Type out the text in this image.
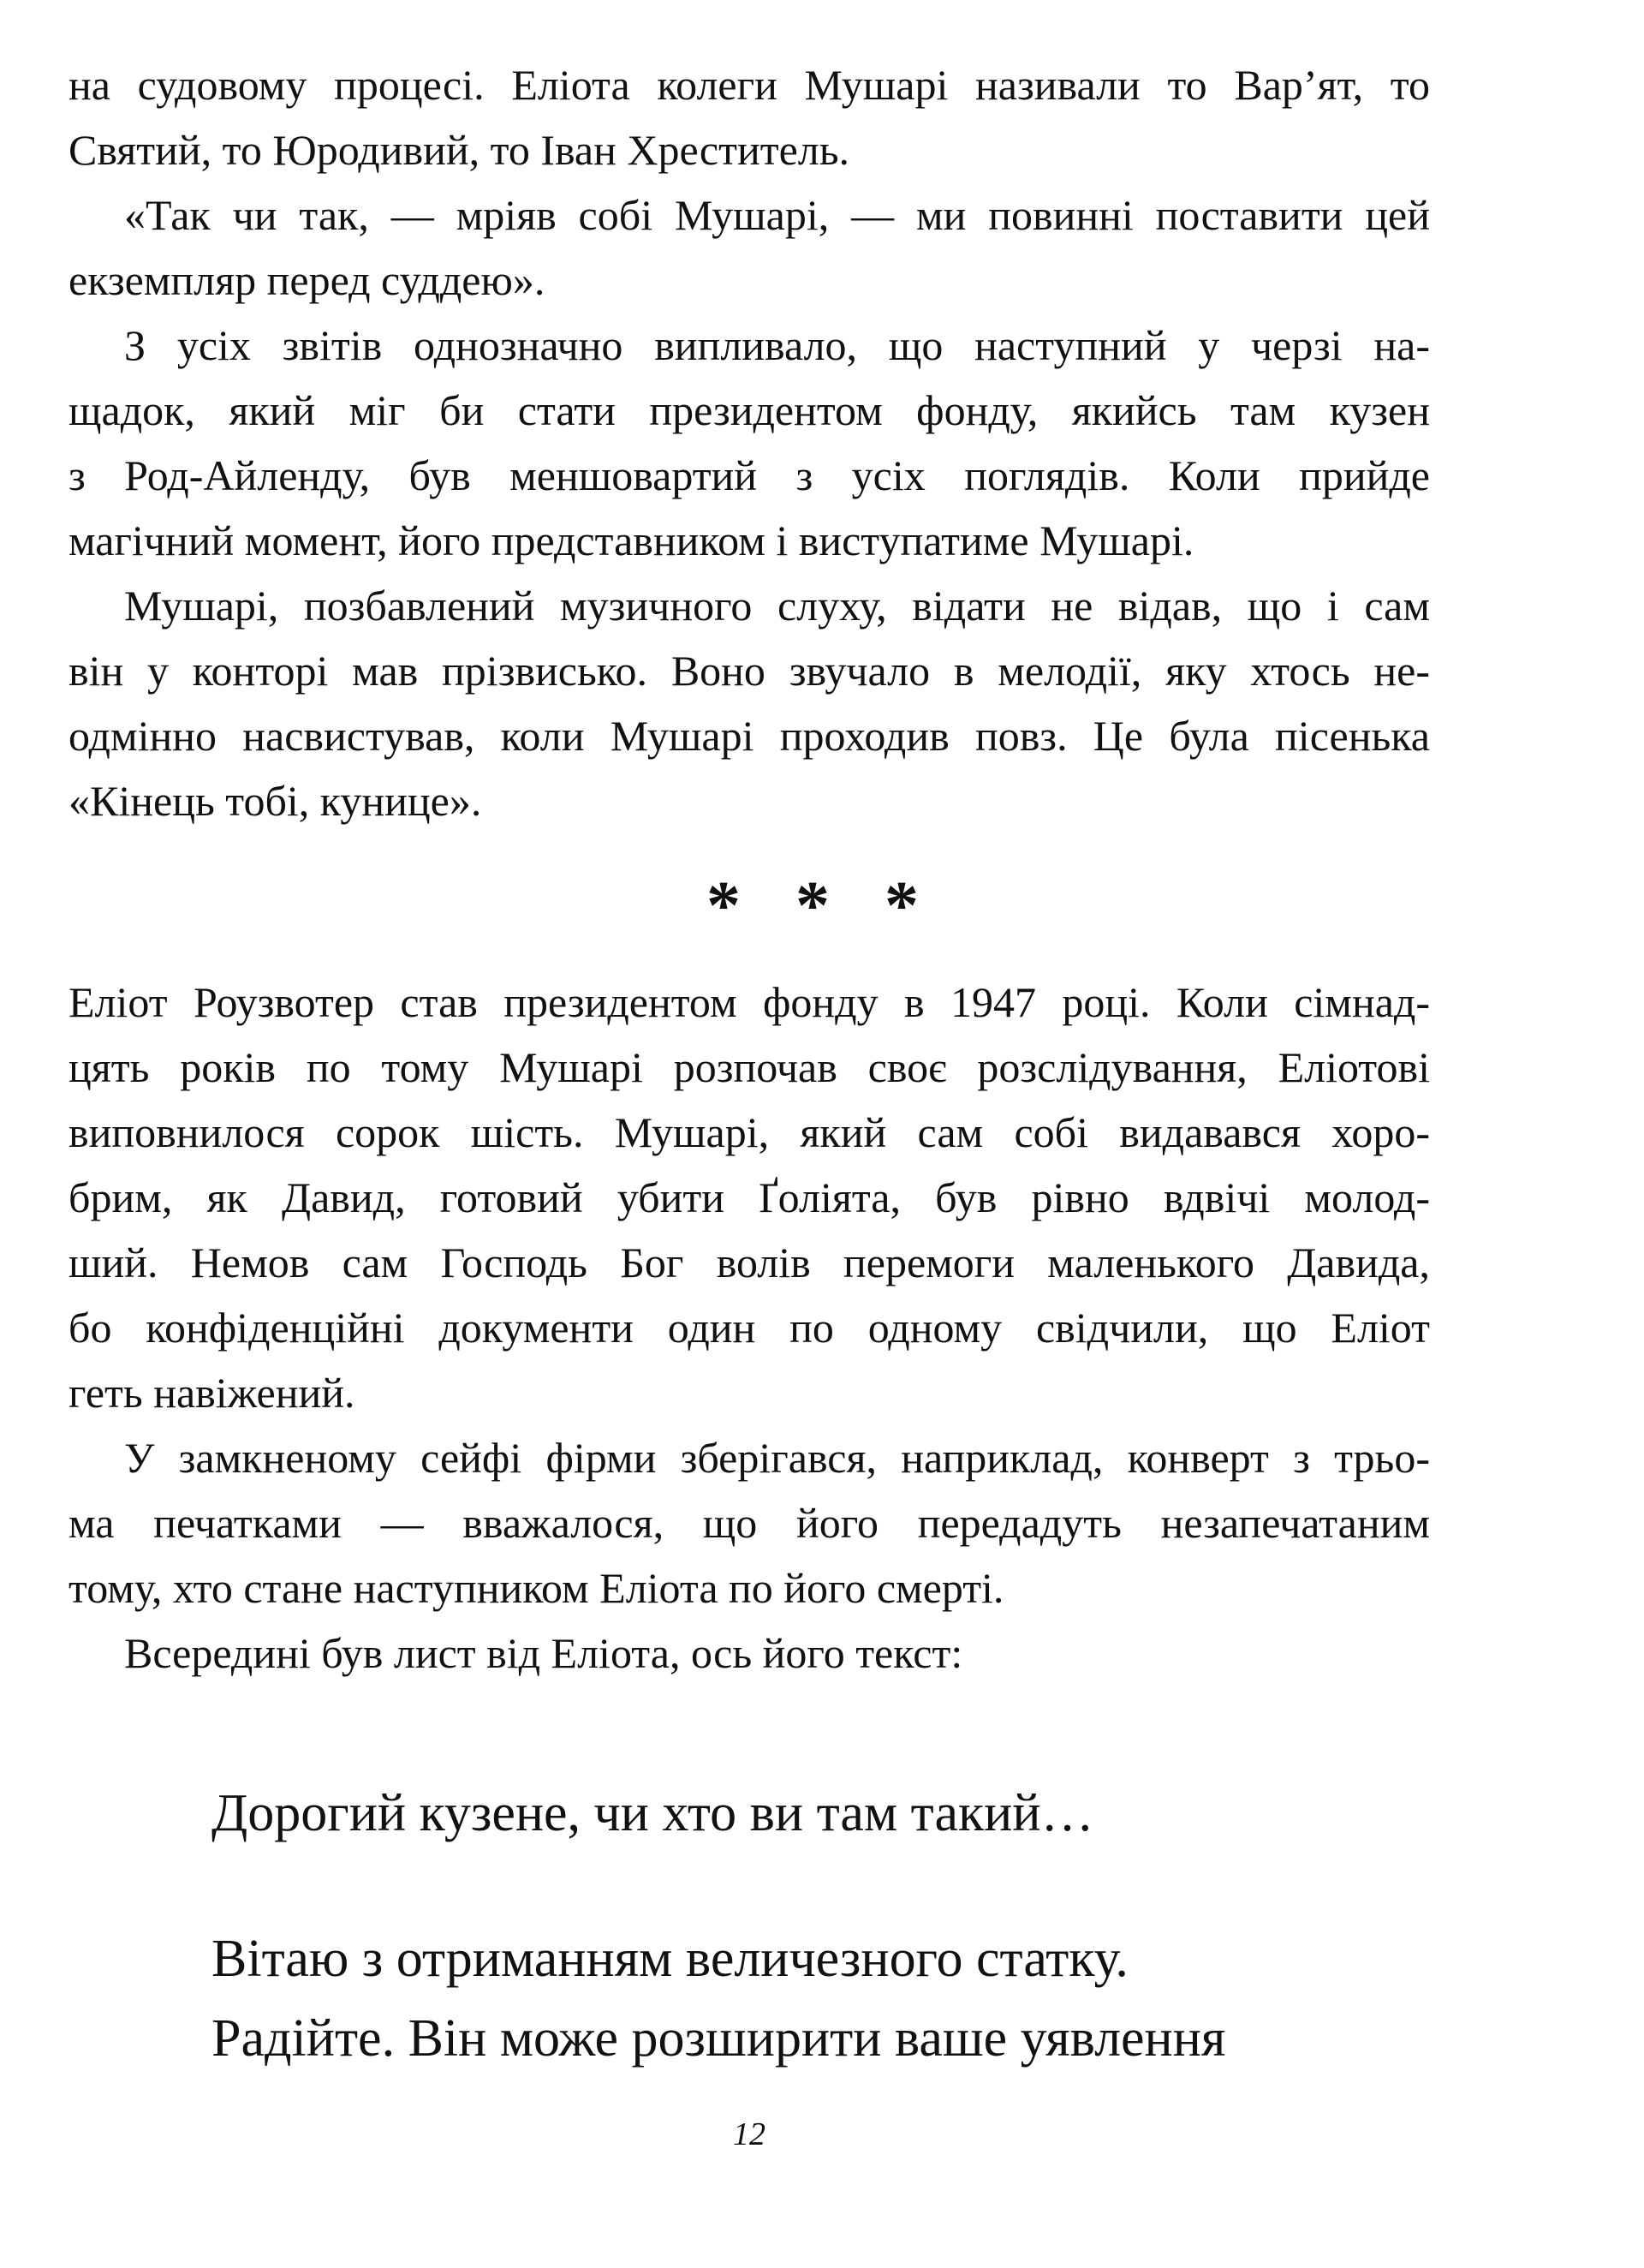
на судовому процесі. Еліота колеги Мушарі називали то Вар’ят, то
Святий, то Юродивий, то Іван Хреститель.
«Так чи так, — мріяв собі Мушарі, — ми повинні поставити цей
екземпляр перед суддею».
З усіх звітів однозначно випливало, що наступний у черзі на-
щадок, який міг би стати президентом фонду, якийсь там кузен
з Род-Айленду, був меншовартий з усіх поглядів. Коли прийде
магічний момент, його представником і виступатиме Мушарі.
Мушарі, позбавлений музичного слуху, відати не відав, що і сам
він у конторі мав прізвисько. Воно звучало в мелодії, яку хтось не-
одмінно насвистував, коли Мушарі проходив повз. Це була пісенька
«Кінець тобі, кунице».
* * *
Еліот Роузвотер став президентом фонду в 1947 році. Коли сімнад-
цять років по тому Мушарі розпочав своє розслідування, Еліотові
виповнилося сорок шість. Мушарі, який сам собі видавався хоро-
брим, як Давид, готовий убити Ґоліята, був рівно вдвічі молод-
ший. Немов сам Господь Бог волів перемоги маленького Давида,
бо конфіденційні документи один по одному свідчили, що Еліот
геть навіжений.
У замкненому сейфі фірми зберігався, наприклад, конверт з трьо-
ма печатками — вважалося, що його передадуть незапечатаним
тому, хто стане наступником Еліота по його смерті.
Всередині був лист від Еліота, ось його текст:
Дорогий кузене, чи хто ви там такий…
Вітаю з отриманням величезного статку.
Радійте. Він може розширити ваше уявлення
12
